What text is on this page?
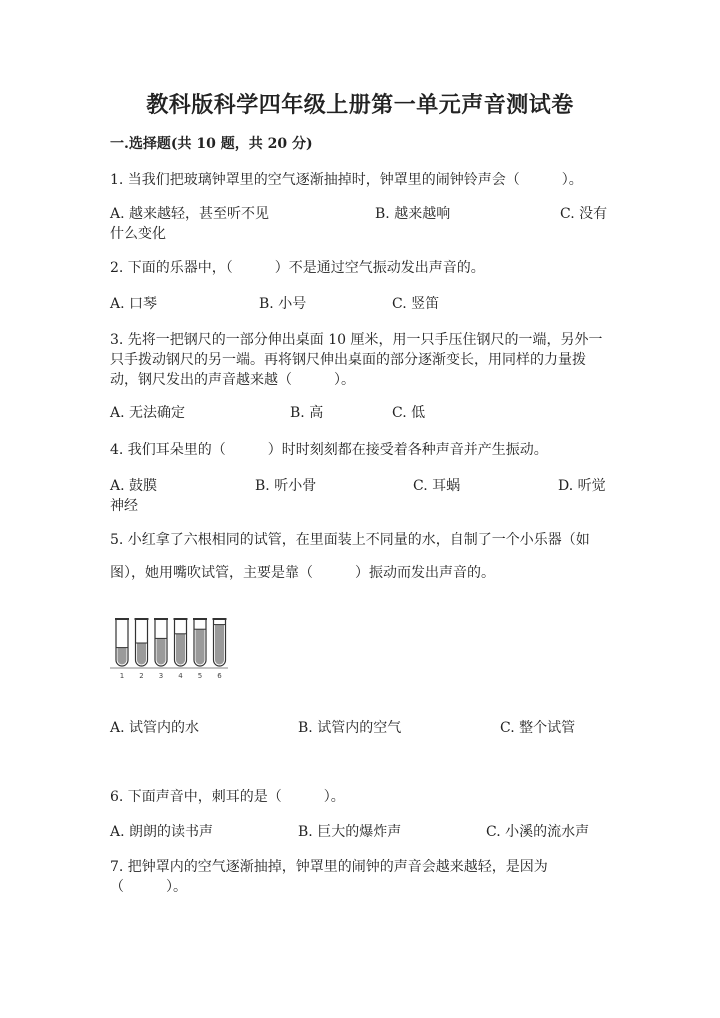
教科版科学四年级上册第一单元声音测试卷
一.选择题(共 10 题，共 20 分)
1. 当我们把玻璃钟罩里的空气逐渐抽掉时，钟罩里的闹钟铃声会（　　　）。
A. 越来越轻，甚至听不见	B. 越来越响	C. 没有
什么变化
2. 下面的乐器中，（　　　）不是通过空气振动发出声音的。
A. 口琴	B. 小号	C. 竖笛
3. 先将一把钢尺的一部分伸出桌面 10 厘米，用一只手压住钢尺的一端，另外一
只手拨动钢尺的另一端。再将钢尺伸出桌面的部分逐渐变长，用同样的力量拨
动，钢尺发出的声音越来越（　　　）。
A. 无法确定	B. 高	C. 低
4. 我们耳朵里的（　　　）时时刻刻都在接受着各种声音并产生振动。
A. 鼓膜	B. 听小骨	C. 耳蜗	D. 听觉
神经
5. 小红拿了六根相同的试管，在里面装上不同量的水，自制了一个小乐器（如
图），她用嘴吹试管，主要是靠（　　　）振动而发出声音的。
1 2 3 4 5 6
A. 试管内的水	B. 试管内的空气	C. 整个试管
6. 下面声音中，刺耳的是（　　　）。
A. 朗朗的读书声	B. 巨大的爆炸声	C. 小溪的流水声
7. 把钟罩内的空气逐渐抽掉，钟罩里的闹钟的声音会越来越轻，是因为
（　　　）。
